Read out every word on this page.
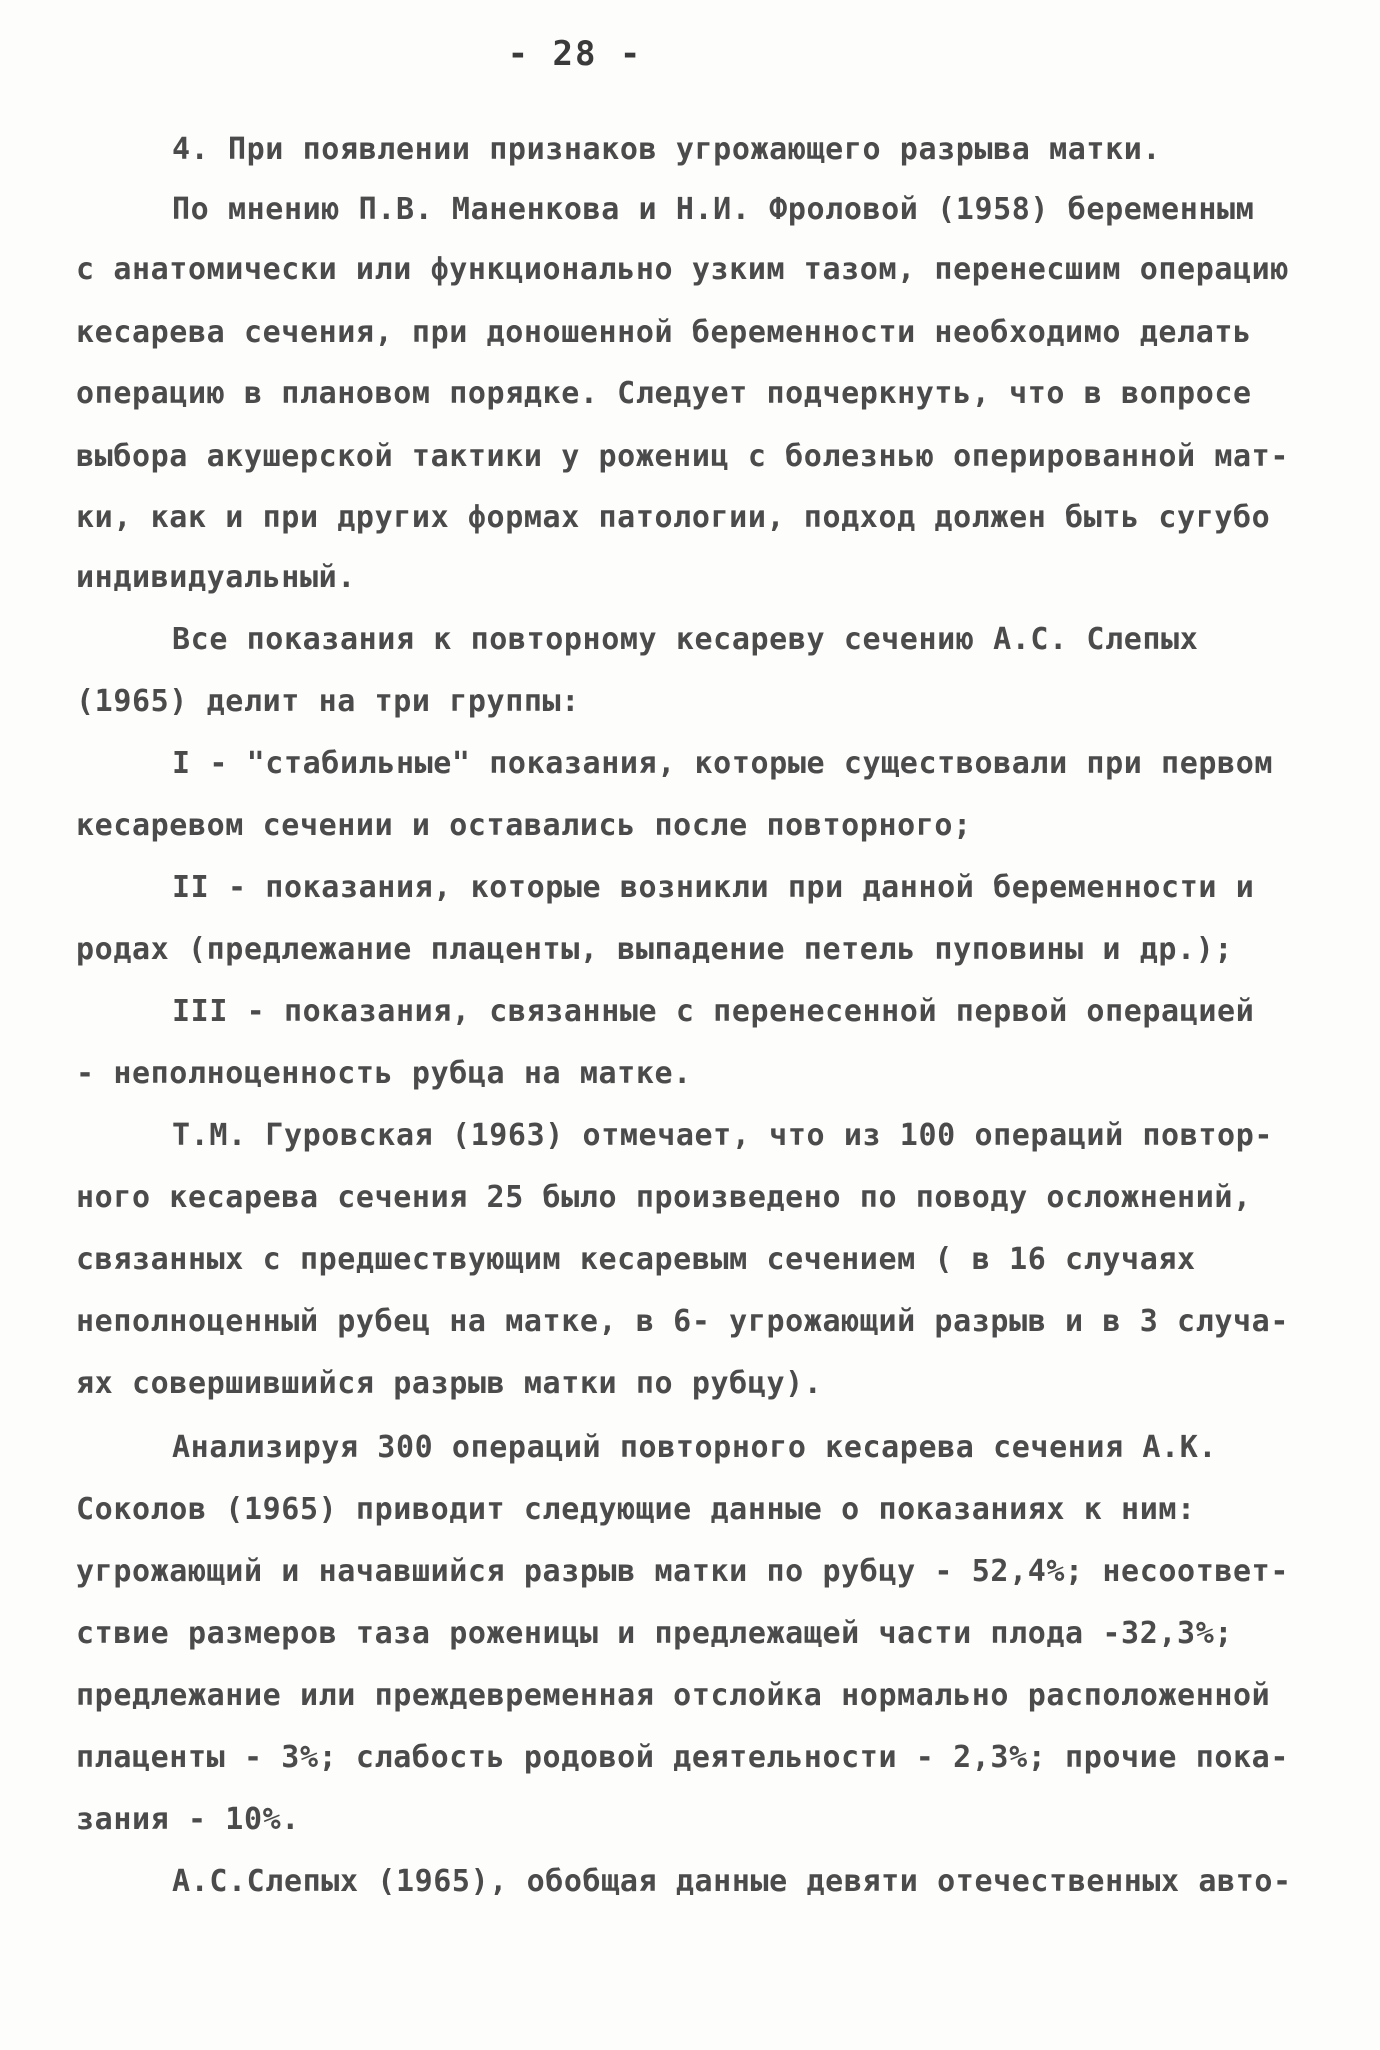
- 28 -
4. При появлении признаков угрожающего разрыва матки.
По мнению П.В. Маненкова и Н.И. Фроловой (1958) беременным
с анатомически или функционально узким тазом, перенесшим операцию
кесарева сечения, при доношенной беременности необходимо делать
операцию в плановом порядке. Следует подчеркнуть, что в вопросе
выбора акушерской тактики у рожениц с болезнью оперированной мат-
ки, как и при других формах патологии, подход должен быть сугубо
индивидуальный.
Все показания к повторному кесареву сечению А.С. Слепых
(1965) делит на три группы:
I - "стабильные" показания, которые существовали при первом
кесаревом сечении и оставались после повторного;
II - показания, которые возникли при данной беременности и
родах (предлежание плаценты, выпадение петель пуповины и др.);
III - показания, связанные с перенесенной первой операцией
- неполноценность рубца на матке.
Т.М. Гуровская (1963) отмечает, что из 100 операций повтор-
ного кесарева сечения 25 было произведено по поводу осложнений,
связанных с предшествующим кесаревым сечением ( в 16 случаях
неполноценный рубец на матке, в 6- угрожающий разрыв и в 3 случа-
ях совершившийся разрыв матки по рубцу).
Анализируя 300 операций повторного кесарева сечения А.К.
Соколов (1965) приводит следующие данные о показаниях к ним:
угрожающий и начавшийся разрыв матки по рубцу - 52,4%; несоответ-
ствие размеров таза роженицы и предлежащей части плода -32,3%;
предлежание или преждевременная отслойка нормально расположенной
плаценты - 3%; слабость родовой деятельности - 2,3%; прочие пока-
зания - 10%.
А.С.Слепых (1965), обобщая данные девяти отечественных авто-
